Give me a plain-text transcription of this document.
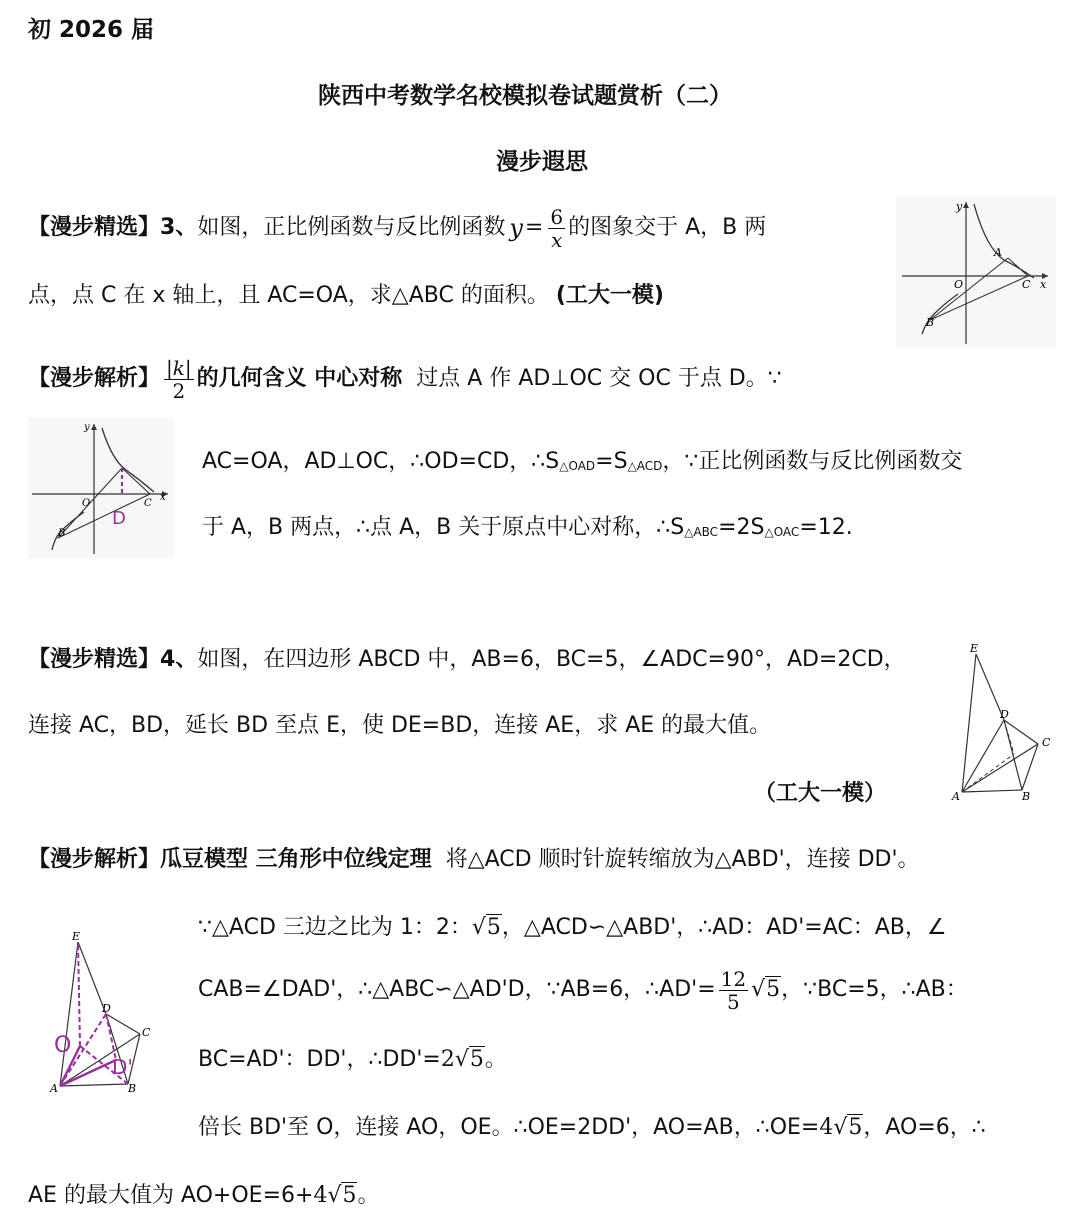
初 2026 届
陕西中考数学名校模拟卷试题赏析（二）
漫步遐思
【漫步精选】 3、 如图，正比例函数与反比例函数 $y = \frac{6}{x}$ 的图象交于 A，B 两
点，点 C 在 x 轴上，且 AC=OA，求△ABC 的面积。 (工大一模)
y
A
O	C x
B
【漫步解析】 $\frac{|k|}{2}$ 的几何含义 中心对称 过点 A 作 AD⊥OC 交 OC 于点 D。∵
y
O	C
x
B
D
AC=OA，AD⊥OC，∴OD=CD，∴S△OAD=S△ACD，∵正比例函数与反比例函数交
于 A，B 两点，∴点 A，B 关于原点中心对称，∴S△ABC=2S△OAC=12.
【漫步精选】4、如图，在四边形 ABCD 中，AB=6，BC=5，∠ADC=90°，AD=2CD，
连接 AC，BD，延长 BD 至点 E，使 DE=BD，连接 AE，求 AE 的最大值。
（工大一模）
E
D
C
A	B
【漫步解析】瓜豆模型 三角形中位线定理 将△ACD 顺时针旋转缩放为△ABD'，连接 DD'。
E
D
C
A	B
O
D'
∵△ACD 三边之比为 1：2：√5，△ACD∽△ABD'，∴AD：AD'=AC：AB，∠
CAB=∠DAD'，∴△ABC∽△AD'D，∵AB=6，∴AD'= $\frac{12}{5} √5$ ，∵BC=5，∴AB：
BC=AD'：DD'，∴DD'=2√5。
倍长 BD'至 O，连接 AO，OE。∴OE=2DD'，AO=AB，∴OE=4√5，AO=6，∴
AE 的最大值为 AO+OE=6+4√5。
